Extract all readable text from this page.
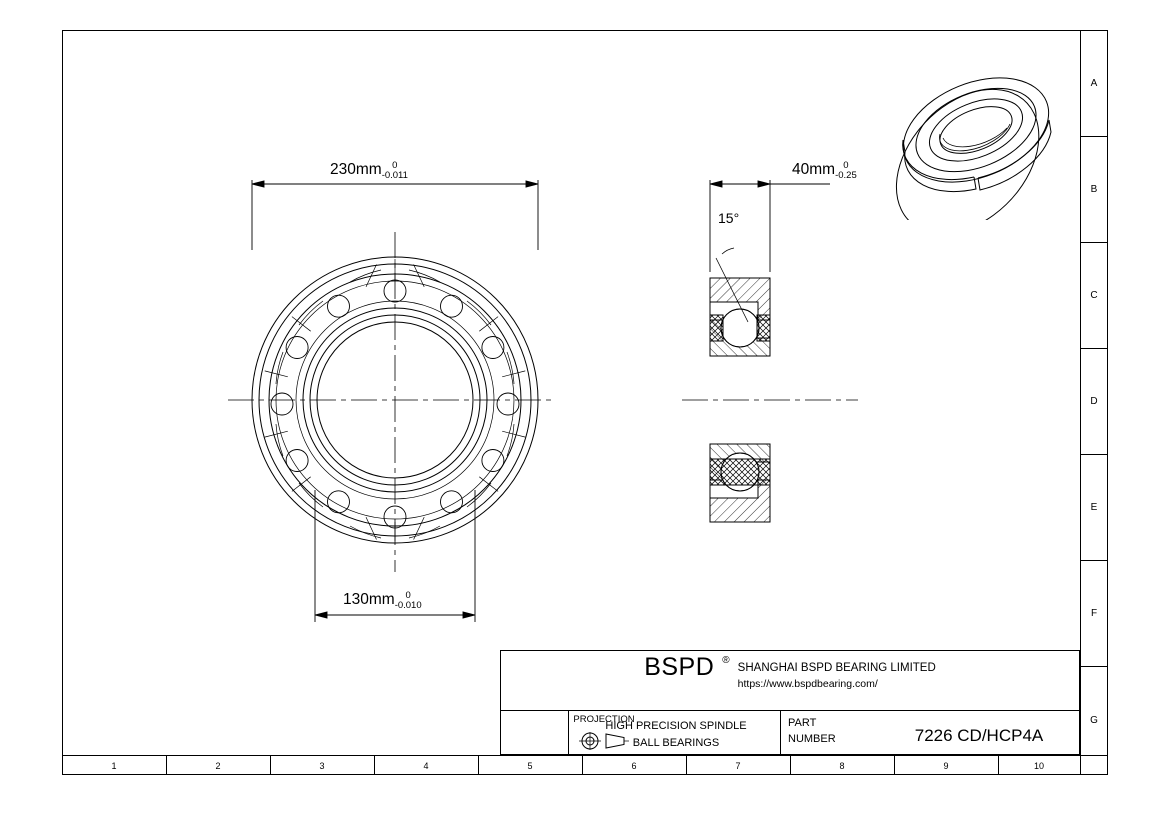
A
B
C
D
E
F
G
1	2	3	4	5	6	7	8	9	10
230mm	0
-0.011
130mm	0
-0.010
40mm 0
-0.25
15°
BSPD ®
SHANGHAI BSPD BEARING LIMITED
https://www.bspdbearing.com/
PROJECTION
HIGH PRECISION SPINDLE
BALL BEARINGS
PART
NUMBER	7226 CD/HCP4A
